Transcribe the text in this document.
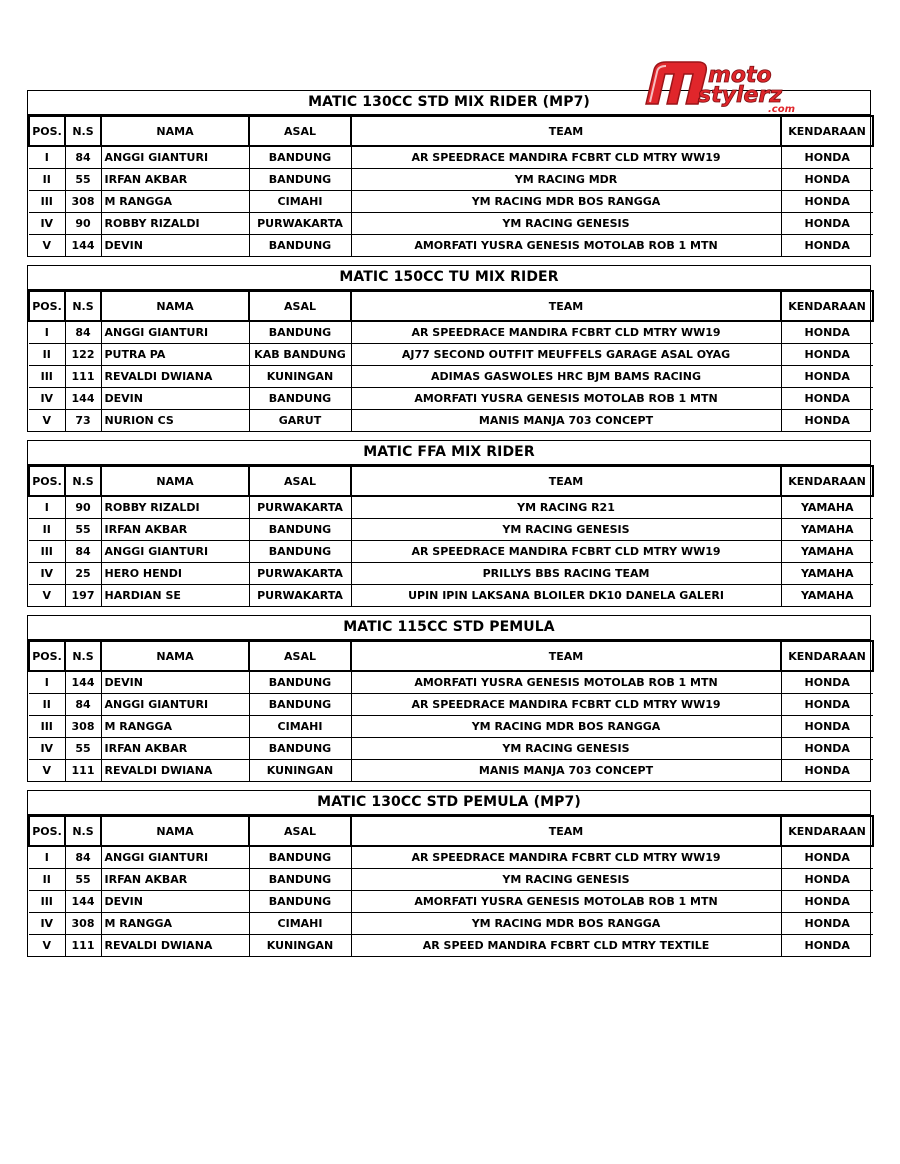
moto
stylerz
.com
MATIC 130CC STD MIX RIDER (MP7)
POS.	N.S	NAMA	ASAL	TEAM	KENDARAAN
I	84	ANGGI GIANTURI	BANDUNG	AR SPEEDRACE MANDIRA FCBRT CLD MTRY WW19	HONDA
II	55	IRFAN AKBAR	BANDUNG	YM RACING MDR	HONDA
III	308	M RANGGA	CIMAHI	YM RACING MDR BOS RANGGA	HONDA
IV	90	ROBBY RIZALDI	PURWAKARTA	YM RACING GENESIS	HONDA
V	144	DEVIN	BANDUNG	AMORFATI YUSRA GENESIS MOTOLAB ROB 1 MTN	HONDA
MATIC 150CC TU MIX RIDER
POS.	N.S	NAMA	ASAL	TEAM	KENDARAAN
I	84	ANGGI GIANTURI	BANDUNG	AR SPEEDRACE MANDIRA FCBRT CLD MTRY WW19	HONDA
II	122	PUTRA PA	KAB BANDUNG	AJ77 SECOND OUTFIT MEUFFELS GARAGE ASAL OYAG	HONDA
III	111	REVALDI DWIANA	KUNINGAN	ADIMAS GASWOLES HRC BJM BAMS RACING	HONDA
IV	144	DEVIN	BANDUNG	AMORFATI YUSRA GENESIS MOTOLAB ROB 1 MTN	HONDA
V	73	NURION CS	GARUT	MANIS MANJA 703 CONCEPT	HONDA
MATIC FFA MIX RIDER
POS.	N.S	NAMA	ASAL	TEAM	KENDARAAN
I	90	ROBBY RIZALDI	PURWAKARTA	YM RACING R21	YAMAHA
II	55	IRFAN AKBAR	BANDUNG	YM RACING GENESIS	YAMAHA
III	84	ANGGI GIANTURI	BANDUNG	AR SPEEDRACE MANDIRA FCBRT CLD MTRY WW19	YAMAHA
IV	25	HERO HENDI	PURWAKARTA	PRILLYS BBS RACING TEAM	YAMAHA
V	197	HARDIAN SE	PURWAKARTA	UPIN IPIN LAKSANA BLOILER DK10 DANELA GALERI	YAMAHA
MATIC 115CC STD PEMULA
POS.	N.S	NAMA	ASAL	TEAM	KENDARAAN
I	144	DEVIN	BANDUNG	AMORFATI YUSRA GENESIS MOTOLAB ROB 1 MTN	HONDA
II	84	ANGGI GIANTURI	BANDUNG	AR SPEEDRACE MANDIRA FCBRT CLD MTRY WW19	HONDA
III	308	M RANGGA	CIMAHI	YM RACING MDR BOS RANGGA	HONDA
IV	55	IRFAN AKBAR	BANDUNG	YM RACING GENESIS	HONDA
V	111	REVALDI DWIANA	KUNINGAN	MANIS MANJA 703 CONCEPT	HONDA
MATIC 130CC STD PEMULA (MP7)
POS.	N.S	NAMA	ASAL	TEAM	KENDARAAN
I	84	ANGGI GIANTURI	BANDUNG	AR SPEEDRACE MANDIRA FCBRT CLD MTRY WW19	HONDA
II	55	IRFAN AKBAR	BANDUNG	YM RACING GENESIS	HONDA
III	144	DEVIN	BANDUNG	AMORFATI YUSRA GENESIS MOTOLAB ROB 1 MTN	HONDA
IV	308	M RANGGA	CIMAHI	YM RACING MDR BOS RANGGA	HONDA
V	111	REVALDI DWIANA	KUNINGAN	AR SPEED MANDIRA FCBRT CLD MTRY TEXTILE	HONDA
